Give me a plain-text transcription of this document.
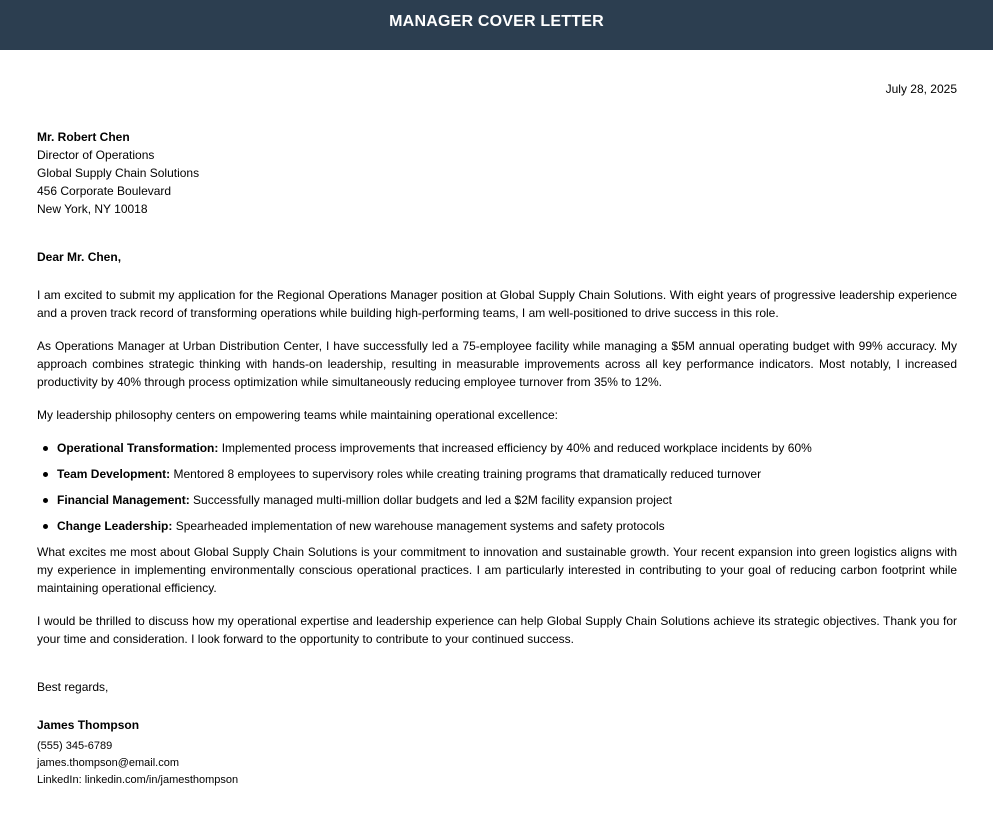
MANAGER COVER LETTER
July 28, 2025
Mr. Robert Chen
Director of Operations
Global Supply Chain Solutions
456 Corporate Boulevard
New York, NY 10018
Dear Mr. Chen,

I am excited to submit my application for the Regional Operations Manager position at Global Supply Chain Solutions. With eight years of progressive leadership experience and a proven track record of transforming operations while building high-performing teams, I am well-positioned to drive success in this role.

As Operations Manager at Urban Distribution Center, I have successfully led a 75-employee facility while managing a $5M annual operating budget with 99% accuracy. My approach combines strategic thinking with hands-on leadership, resulting in measurable improvements across all key performance indicators. Most notably, I increased productivity by 40% through process optimization while simultaneously reducing employee turnover from 35% to 12%.

My leadership philosophy centers on empowering teams while maintaining operational excellence:

Operational Transformation: Implemented process improvements that increased efficiency by 40% and reduced workplace incidents by 60%
Team Development: Mentored 8 employees to supervisory roles while creating training programs that dramatically reduced turnover
Financial Management: Successfully managed multi-million dollar budgets and led a $2M facility expansion project
Change Leadership: Spearheaded implementation of new warehouse management systems and safety protocols

What excites me most about Global Supply Chain Solutions is your commitment to innovation and sustainable growth. Your recent expansion into green logistics aligns with my experience in implementing environmentally conscious operational practices. I am particularly interested in contributing to your goal of reducing carbon footprint while maintaining operational efficiency.

I would be thrilled to discuss how my operational expertise and leadership experience can help Global Supply Chain Solutions achieve its strategic objectives. Thank you for your time and consideration. I look forward to the opportunity to contribute to your continued success.

Best regards,
James Thompson
(555) 345-6789
james.thompson@email.com
LinkedIn: linkedin.com/in/jamesthompson
